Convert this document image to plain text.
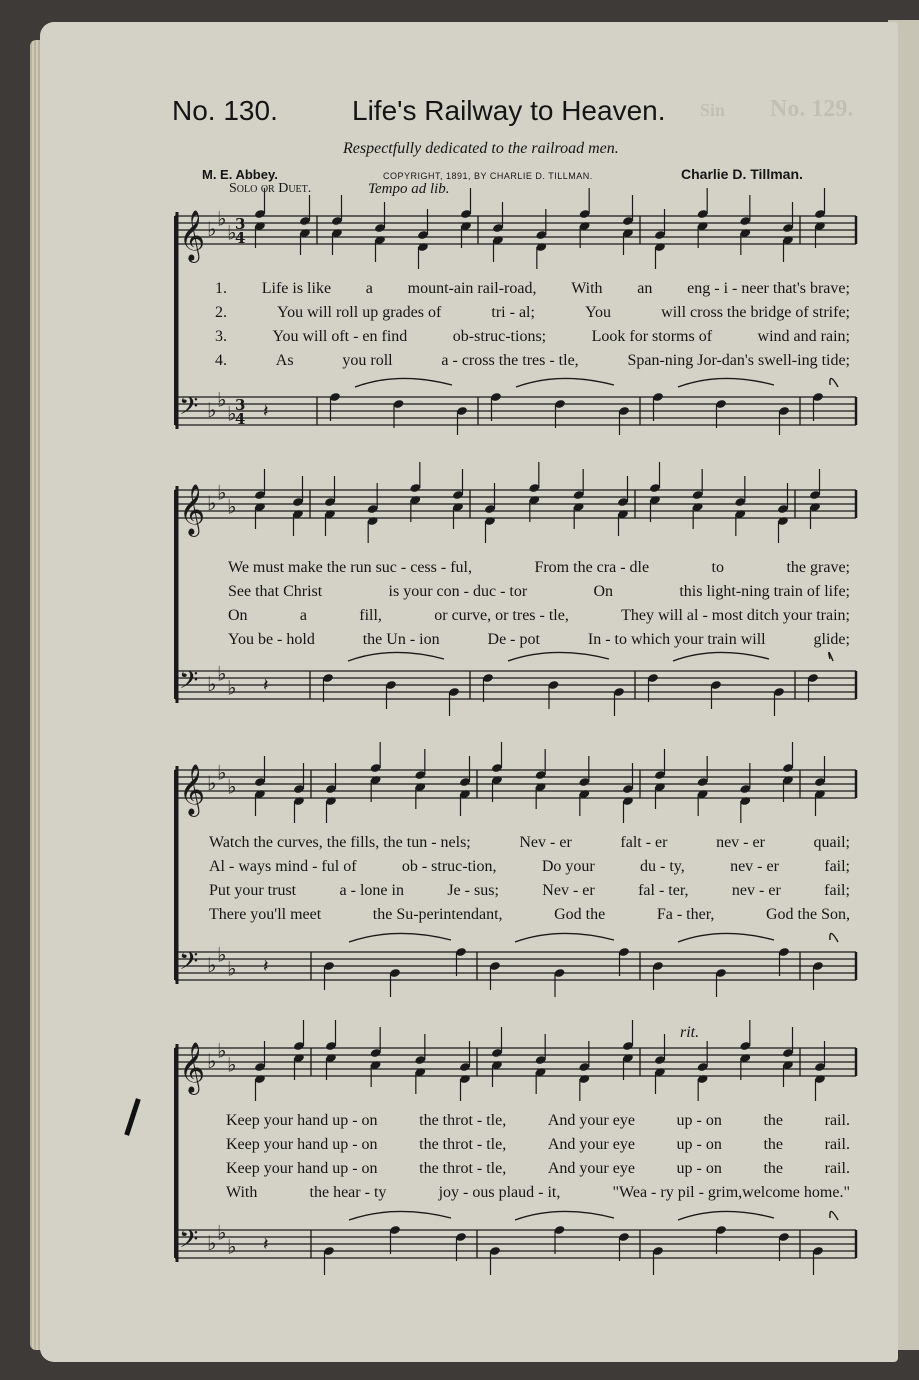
No. 129.
Sin
𝄞
𝄢
♭ ♭
♭
♭ ♭
♭
3
4
3
4 𝄽
𝄞
𝄢
♭ ♭
♭
♭ ♭
♭ 𝄽
𝄞
𝄢
♭ ♭
♭
♭ ♭
♭ 𝄽
𝄞
𝄢
♭ ♭
♭
♭ ♭
♭ 𝄽
No. 130.	Life's Railway to Heaven.
Respectfully dedicated to the railroad men.
M. E. Abbey.	COPYRIGHT, 1891, BY CHARLIE D. TILLMAN.	Charlie D. Tillman.
Solo or Duet.	Tempo ad lib.
rit.
1. Life is like a mount-ain rail-road, With an eng - i - neer that's brave;
2.	You will roll up grades of	tri - al;	You	will cross the bridge of strife;
3.	You will oft - en find	ob-struc-tions;	Look for storms of	wind and rain;
4.	As	you roll	a - cross the tres - tle,	Span-ning Jor-dan's swell-ing tide;
We must make the run suc - cess - ful,	From the cra - dle	to	the grave;
See that Christ	is your con - duc - tor	On	this light-ning train of life;
On	a	fill,	or curve, or tres - tle,	They will al - most ditch your train;
You be - hold	the Un - ion	De - pot	In - to which your train will	glide;
Watch the curves, the fills, the tun - nels;	Nev - er	falt - er	nev - er	quail;
Al - ways mind - ful of	ob - struc-tion,	Do your	du - ty,	nev - er	fail;
Put your trust	a - lone in	Je - sus;	Nev - er	fal - ter,	nev - er	fail;
There you'll meet	the Su-perintendant,	God the	Fa - ther,	God the Son,
Keep your hand up - on	the throt - tle,	And your eye	up - on	the	rail.
Keep your hand up - on	the throt - tle,	And your eye	up - on	the	rail.
Keep your hand up - on	the throt - tle,	And your eye	up - on	the	rail.
With	the hear - ty	joy - ous plaud - it,	"Wea - ry pil - grim,welcome home."
